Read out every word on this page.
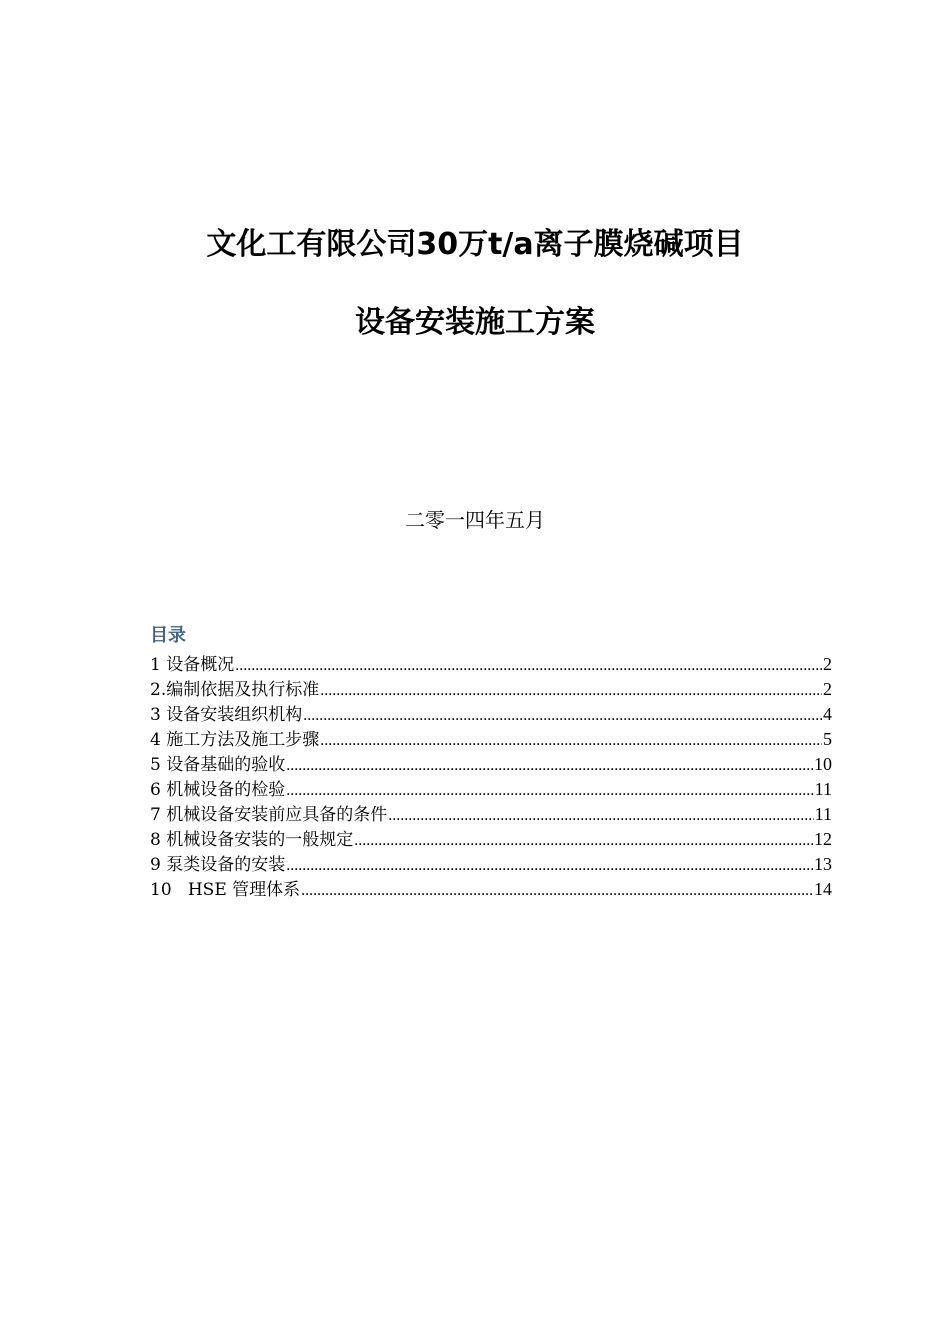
文化工有限公司30万t/a离子膜烧碱项目
设备安装施工方案
二零一四年五月
目录
1 设备概况 .....	2
2.编制依据及执行标准 .....	2
3 设备安装组织机构 .....	4
4 施工方法及施工步骤 .....	5
5 设备基础的验收 .....	10
6 机械设备的检验 .....	11
7 机械设备安装前应具备的条件 .....	11
8 机械设备安装的一般规定 .....	12
9 泵类设备的安装 .....	13
10   HSE 管理体系 .....	14
